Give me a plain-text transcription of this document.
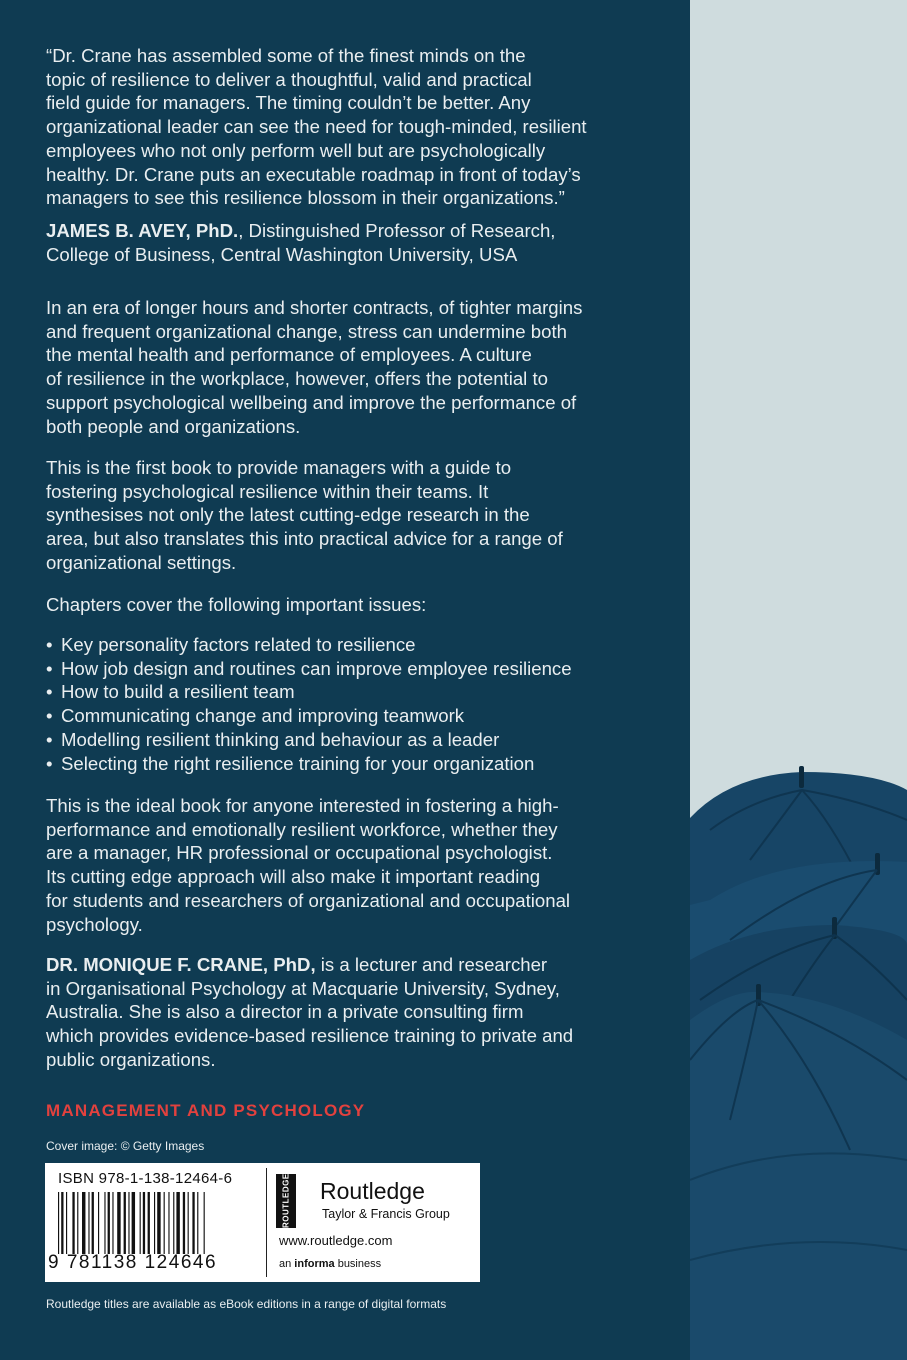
“Dr. Crane has assembled some of the finest minds on the
topic of resilience to deliver a thoughtful, valid and practical
field guide for managers. The timing couldn’t be better. Any
organizational leader can see the need for tough-minded, resilient
employees who not only perform well but are psychologically
healthy. Dr. Crane puts an executable roadmap in front of today’s
managers to see this resilience blossom in their organizations.”
JAMES B. AVEY, PhD., Distinguished Professor of Research,
College of Business, Central Washington University, USA
In an era of longer hours and shorter contracts, of tighter margins
and frequent organizational change, stress can undermine both
the mental health and performance of employees. A culture
of resilience in the workplace, however, offers the potential to
support psychological wellbeing and improve the performance of
both people and organizations.
This is the first book to provide managers with a guide to
fostering psychological resilience within their teams. It
synthesises not only the latest cutting-edge research in the
area, but also translates this into practical advice for a range of
organizational settings.
Chapters cover the following important issues:
• Key personality factors related to resilience
• How job design and routines can improve employee resilience
• How to build a resilient team
• Communicating change and improving teamwork
• Modelling resilient thinking and behaviour as a leader
• Selecting the right resilience training for your organization
This is the ideal book for anyone interested in fostering a high-
performance and emotionally resilient workforce, whether they
are a manager, HR professional or occupational psychologist.
Its cutting edge approach will also make it important reading
for students and researchers of organizational and occupational
psychology.
DR. MONIQUE F. CRANE, PhD, is a lecturer and researcher
in Organisational Psychology at Macquarie University, Sydney,
Australia. She is also a director in a private consulting firm
which provides evidence-based resilience training to private and
public organizations.
MANAGEMENT AND PSYCHOLOGY
Cover image: © Getty Images
ISBN 978-1-138-12464-6
9 781138 124646
ROUTLEDGE Routledge
Taylor & Francis Group
www.routledge.com
an informa business
Routledge titles are available as eBook editions in a range of digital formats
